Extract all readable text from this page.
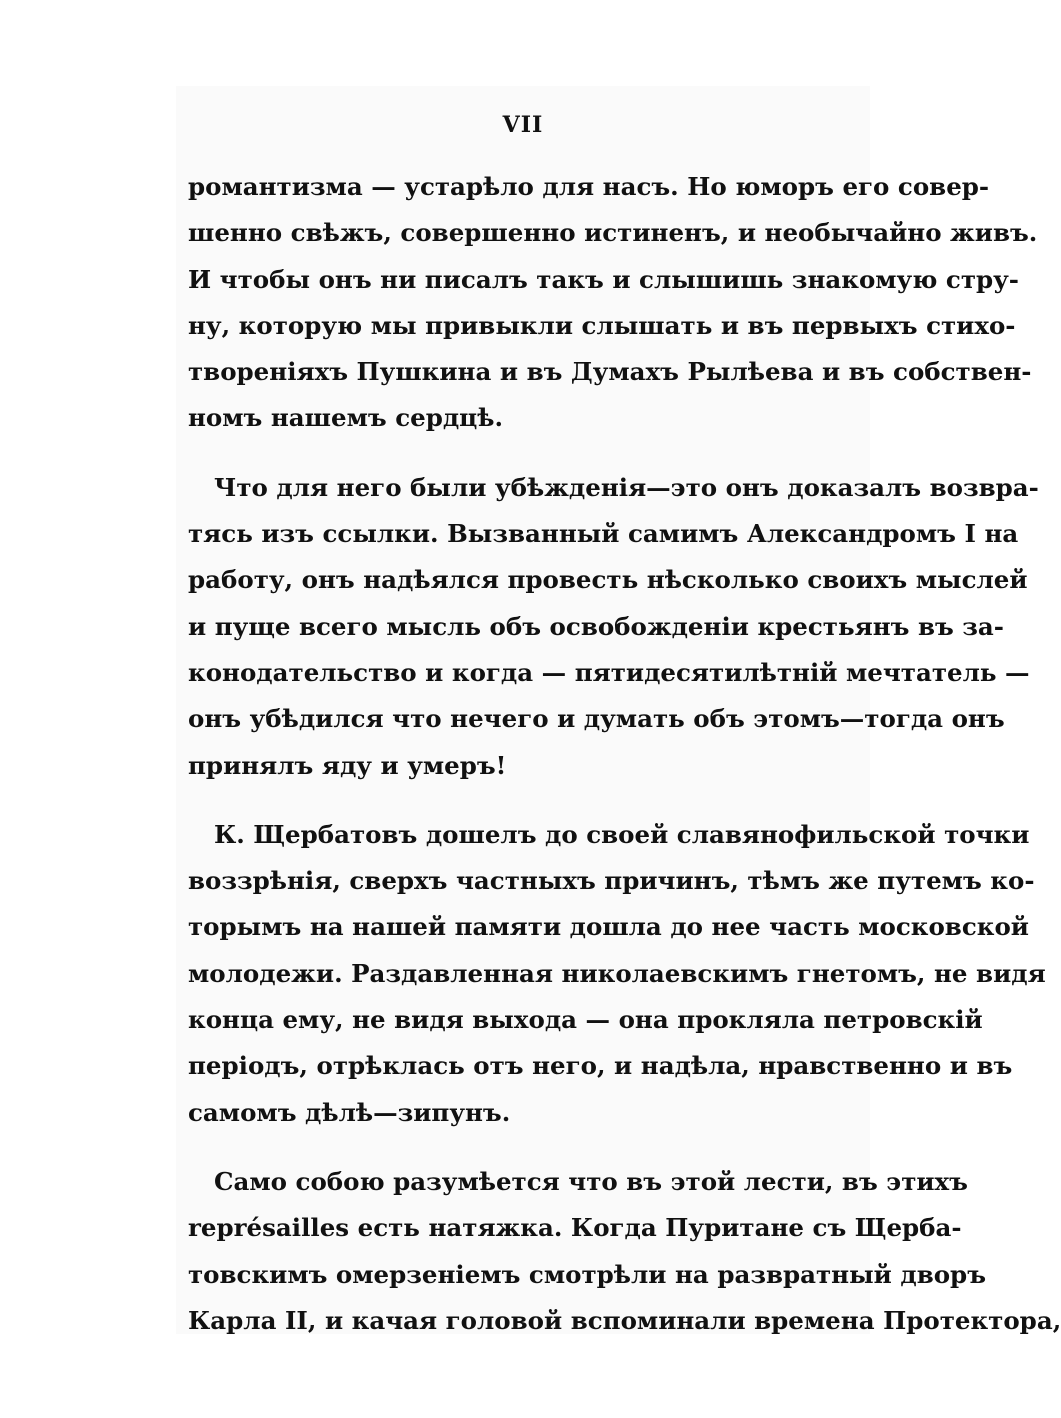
VII
романтизма — устарѣло для насъ. Но юморъ его совер-
шенно свѣжъ, совершенно истиненъ, и необычайно живъ.
И чтобы онъ ни писалъ такъ и слышишь знакомую стру-
ну, которую мы привыкли слышать и въ первыхъ стихо-
твореніяхъ Пушкина и въ Думахъ Рылѣева и въ собствен-
номъ нашемъ сердцѣ.
Что для него были убѣжденія—это онъ доказалъ возвра-
тясь изъ ссылки. Вызванный самимъ Александромъ I на
работу, онъ надѣялся провесть нѣсколько своихъ мыслей
и пуще всего мысль объ освобожденіи крестьянъ въ за-
конодательство и когда — пятидесятилѣтній мечтатель —
онъ убѣдился что нечего и думать объ этомъ—тогда онъ
принялъ яду и умеръ!
К. Щербатовъ дошелъ до своей славянофильской точки
воззрѣнія, сверхъ частныхъ причинъ, тѣмъ же путемъ ко-
торымъ на нашей памяти дошла до нее часть московской
молодежи. Раздавленная николаевскимъ гнетомъ, не видя
конца ему, не видя выхода — она прокляла петровскій
періодъ, отрѣклась отъ него, и надѣла, нравственно и въ
самомъ дѣлѣ—зипунъ.
Само собою разумѣется что въ этой лести, въ этихъ
représailles есть натяжка. Когда Пуритане съ Щерба-
товскимъ омерзеніемъ смотрѣли на развратный дворъ
Карла II, и качая головой вспоминали времена Протектора,
